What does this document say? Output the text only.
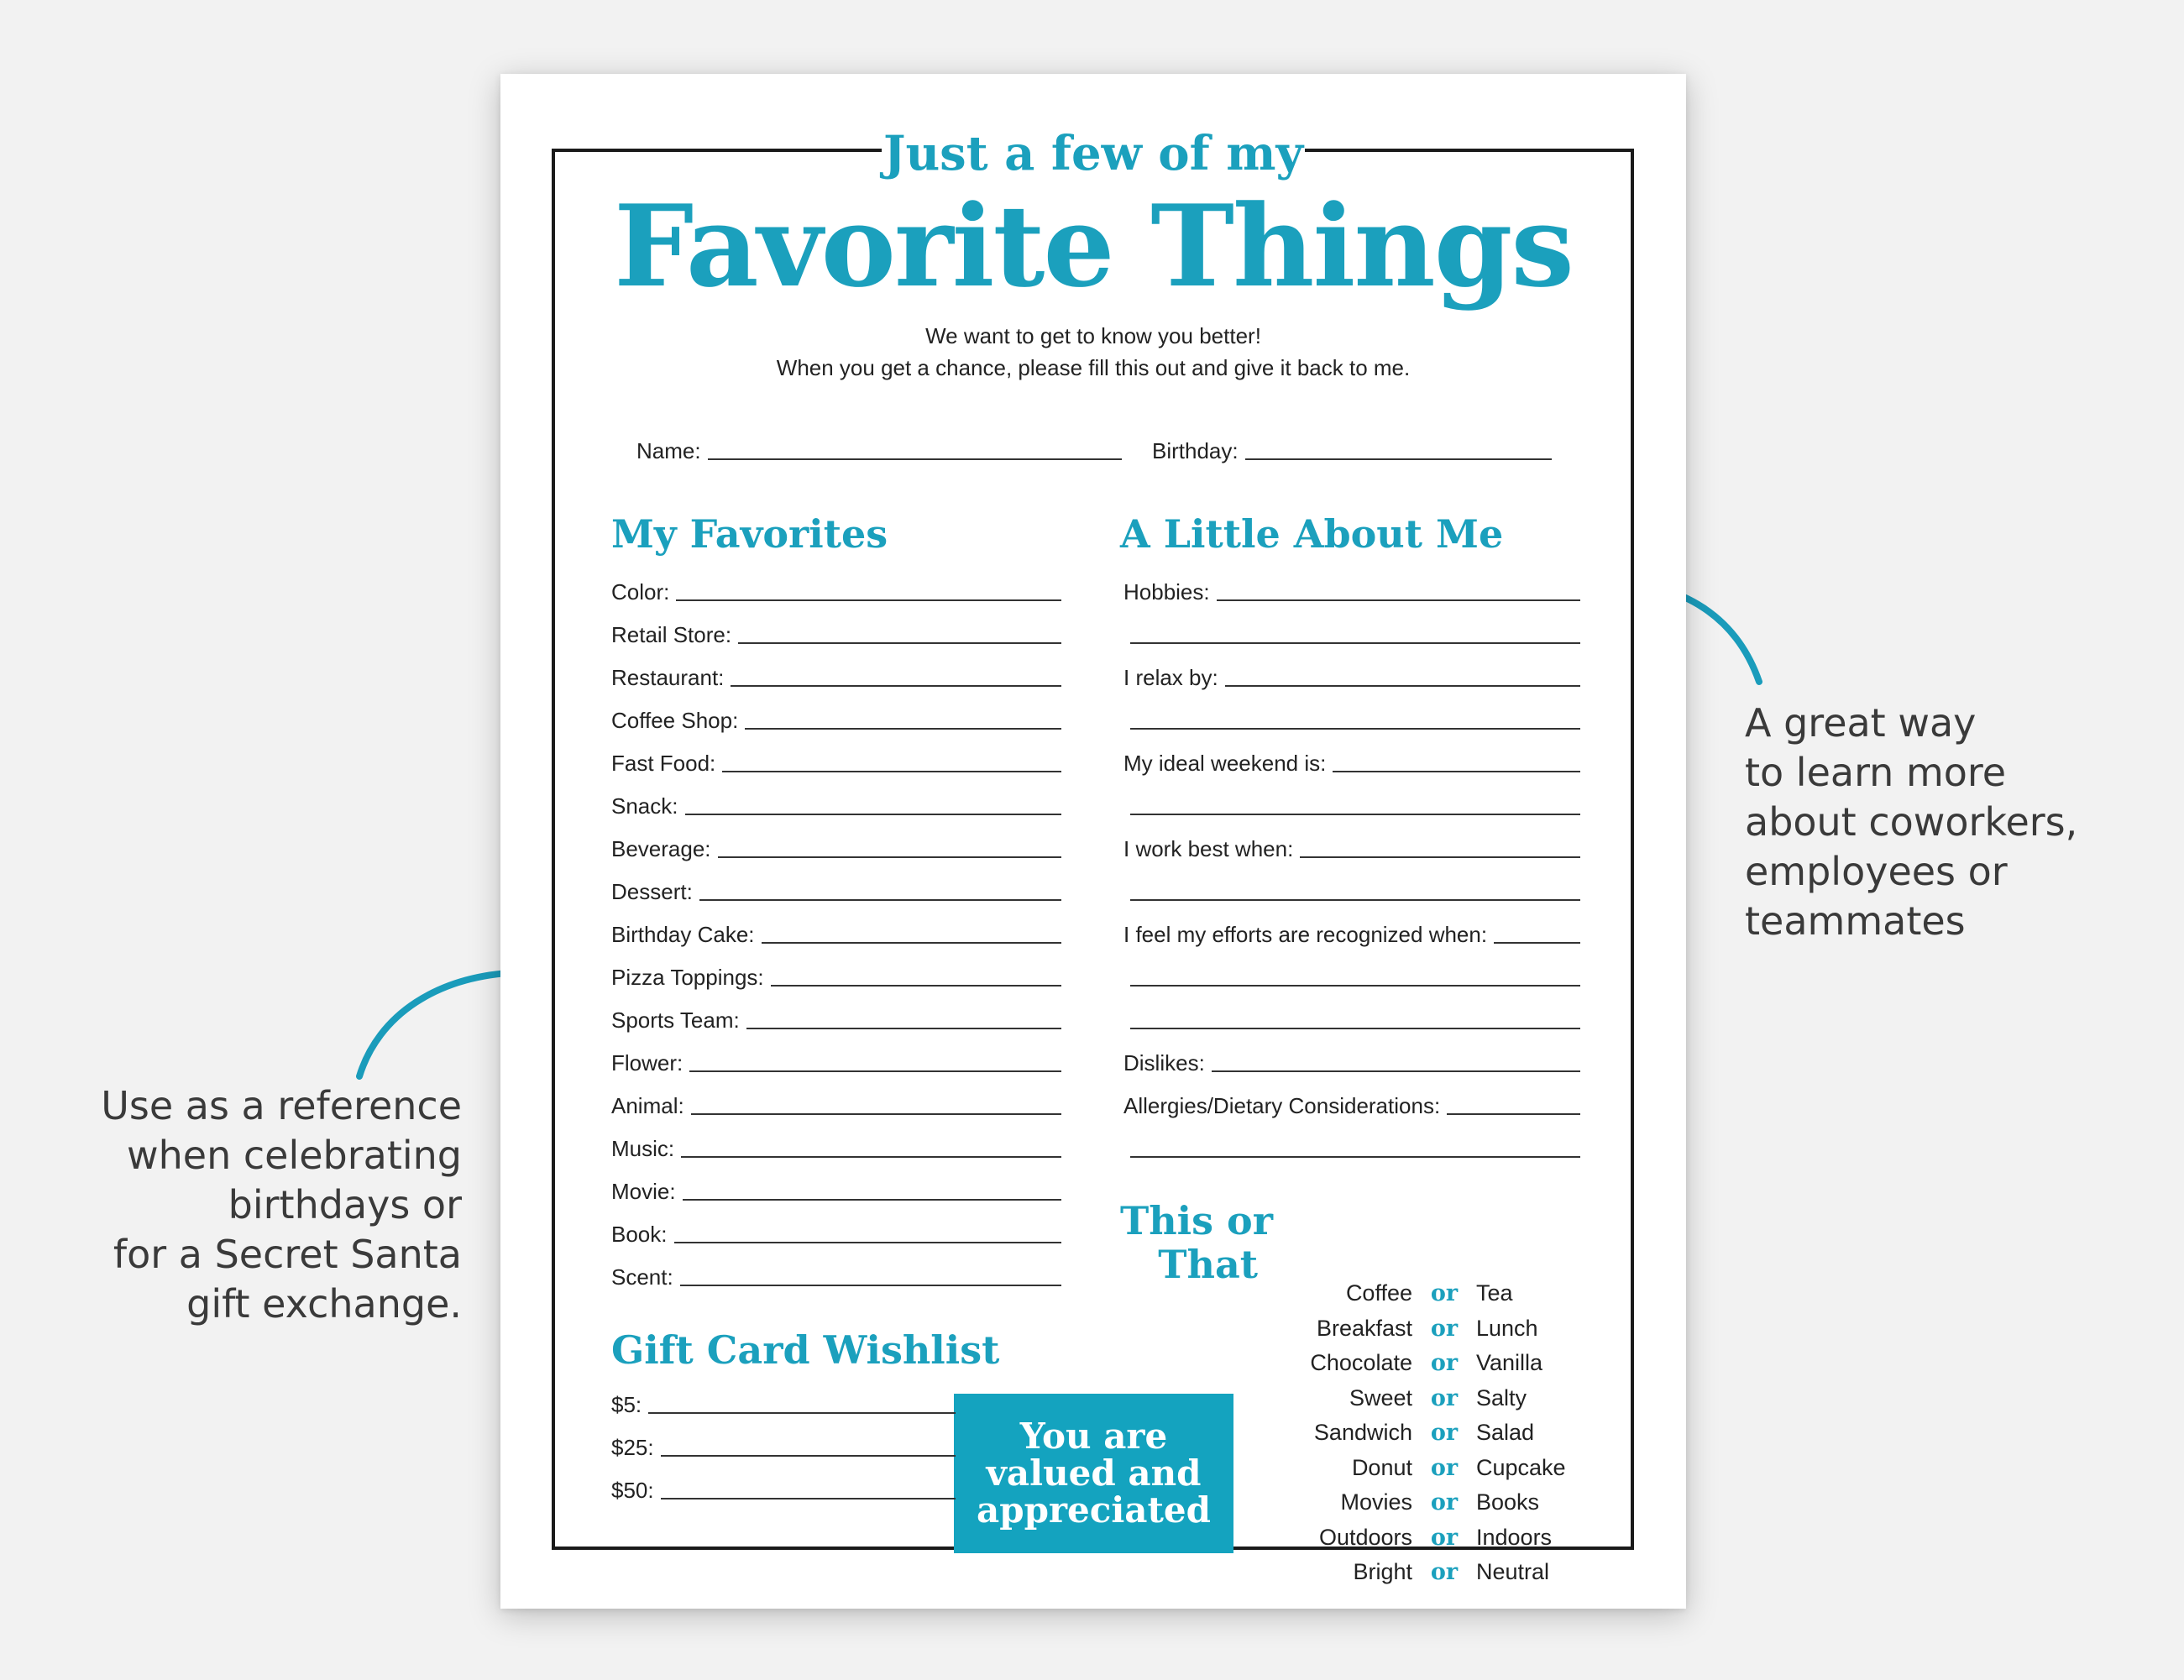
Use as a reference
when celebrating
birthdays or
for a Secret Santa
gift exchange.
A great way
to learn more
about coworkers,
employees or
teammates
Just a few of my
Favorite Things
We want to get to know you better!
When you get a chance, please fill this out and give it back to me.
Name:	Birthday:
My Favorites	A Little About Me
Gift Card Wishlist
You are
valued and
appreciated
This or
That
Coffee or Tea
Breakfast or Lunch
Chocolate or Vanilla
Sweet or Salty
Sandwich or Salad
Donut or Cupcake
Movies or Books
Outdoors or Indoors
Bright or Neutral
Color:
Retail Store:
Restaurant:
Coffee Shop:
Fast Food:
Snack:
Beverage:
Dessert:
Birthday Cake:
Pizza Toppings:
Sports Team:
Flower:
Animal:
Music:
Movie:
Book:
Scent:
Hobbies:
I relax by:
My ideal weekend is:
I work best when:
I feel my efforts are recognized when:
Dislikes:
Allergies/Dietary Considerations:
$5:
$25:
$50:
